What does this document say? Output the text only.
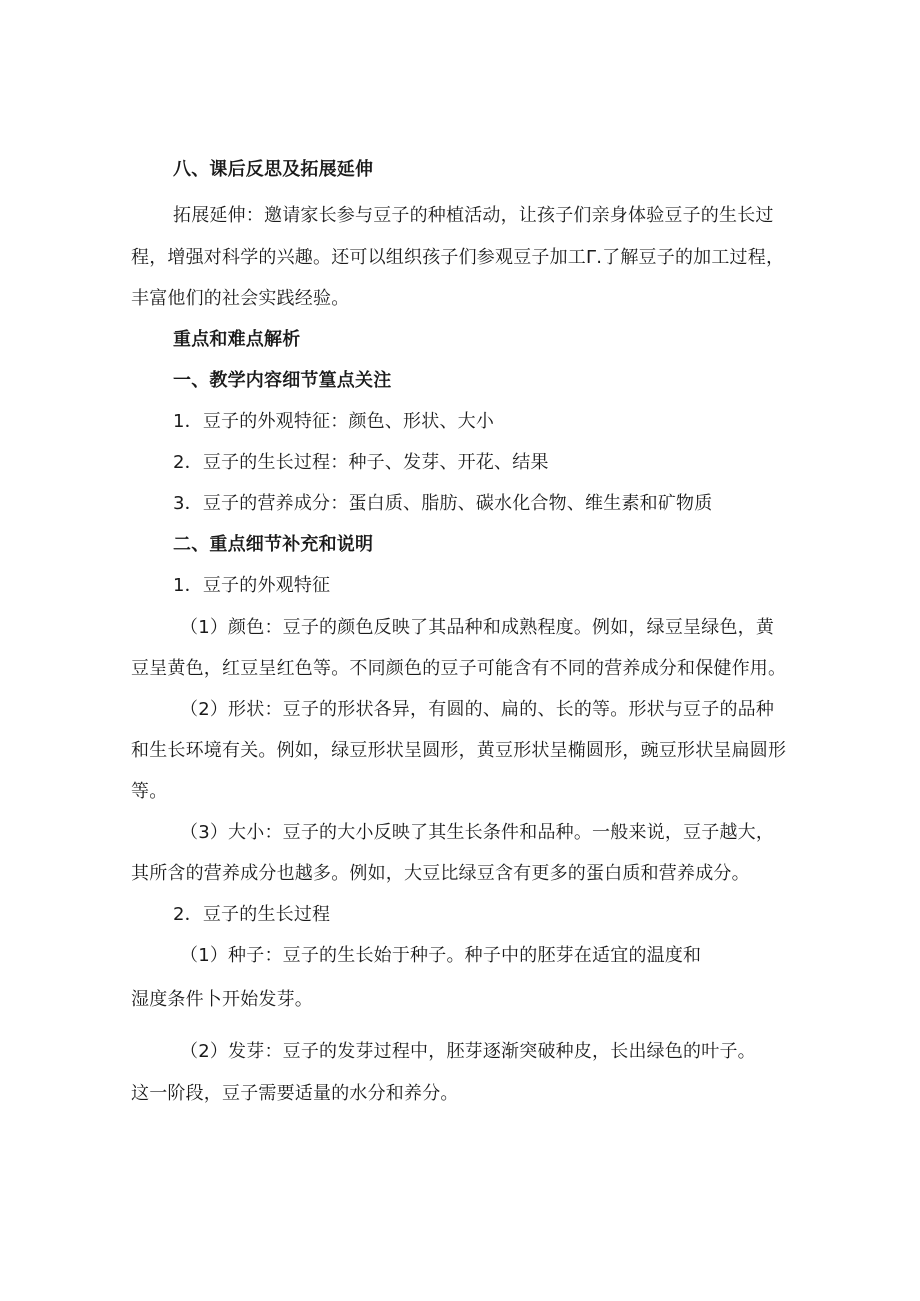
八、课后反思及拓展延伸
拓展延伸：邀请家长参与豆子的种植活动，让孩子们亲身体验豆子的生长过
程，增强对科学的兴趣。还可以组织孩子们参观豆子加工Γ.了解豆子的加工过程，
丰富他们的社会实践经验。
重点和难点解析
一、教学内容细节篁点关注
1．豆子的外观特征：颜色、形状、大小
2．豆子的生长过程：种子、发芽、开花、结果
3．豆子的营养成分：蛋白质、脂肪、碳水化合物、维生素和矿物质
二、重点细节补充和说明
1．豆子的外观特征
（1）颜色：豆子的颜色反映了其品种和成熟程度。例如，绿豆呈绿色，黄
豆呈黄色，红豆呈红色等。不同颜色的豆子可能含有不同的营养成分和保健作用。
（2）形状：豆子的形状各异，有圆的、扁的、长的等。形状与豆子的品种
和生长环境有关。例如，绿豆形状呈圆形，黄豆形状呈椭圆形，豌豆形状呈扁圆形
等。
（3）大小：豆子的大小反映了其生长条件和品种。一般来说，豆子越大，
其所含的营养成分也越多。例如，大豆比绿豆含有更多的蛋白质和营养成分。
2．豆子的生长过程
（1）种子：豆子的生长始于种子。种子中的胚芽在适宜的温度和
湿度条件卜开始发芽。
（2）发芽：豆子的发芽过程中，胚芽逐渐突破种皮，长出绿色的叶子。
这一阶段，豆子需要适量的水分和养分。
